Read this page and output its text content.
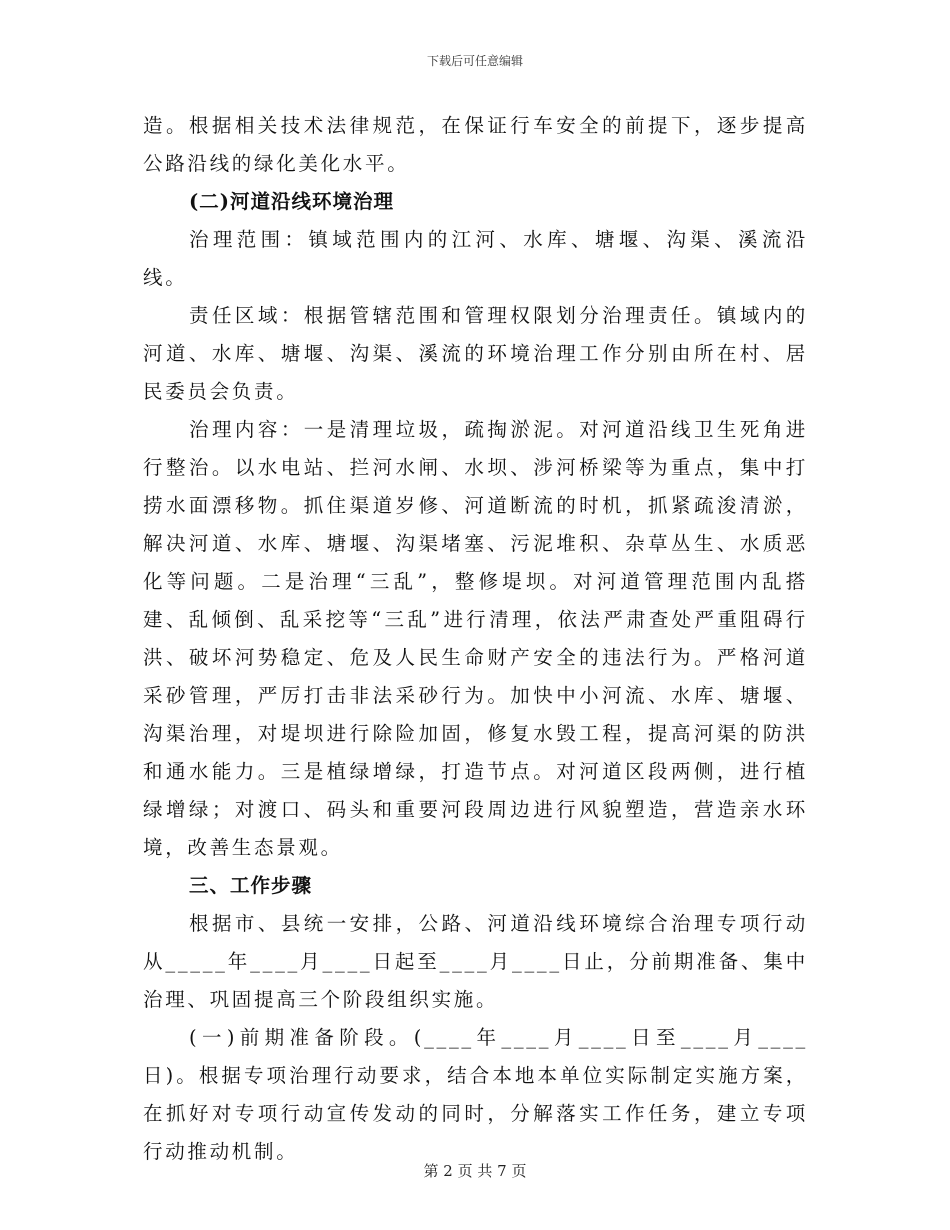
下载后可任意编辑

造。根据相关技术法律规范，在保证行车安全的前提下，逐步提高公路沿线的绿化美化水平。

(二)河道沿线环境治理

治理范围：镇域范围内的江河、水库、塘堰、沟渠、溪流沿线。

责任区域：根据管辖范围和管理权限划分治理责任。镇域内的河道、水库、塘堰、沟渠、溪流的环境治理工作分别由所在村、居民委员会负责。

治理内容：一是清理垃圾，疏掏淤泥。对河道沿线卫生死角进行整治。以水电站、拦河水闸、水坝、涉河桥梁等为重点，集中打捞水面漂移物。抓住渠道岁修、河道断流的时机，抓紧疏浚清淤，解决河道、水库、塘堰、沟渠堵塞、污泥堆积、杂草丛生、水质恶化等问题。二是治理“三乱”，整修堤坝。对河道管理范围内乱搭建、乱倾倒、乱采挖等“三乱”进行清理，依法严肃查处严重阻碍行洪、破坏河势稳定、危及人民生命财产安全的违法行为。严格河道采砂管理，严厉打击非法采砂行为。加快中小河流、水库、塘堰、沟渠治理，对堤坝进行除险加固，修复水毁工程，提高河渠的防洪和通水能力。三是植绿增绿，打造节点。对河道区段两侧，进行植绿增绿；对渡口、码头和重要河段周边进行风貌塑造，营造亲水环境，改善生态景观。

三、工作步骤

根据市、县统一安排，公路、河道沿线环境综合治理专项行动从_____年____月____日起至____月____日止，分前期准备、集中治理、巩固提高三个阶段组织实施。

(一)前期准备阶段。(____年____月____日至____月____日)。根据专项治理行动要求，结合本地本单位实际制定实施方案，在抓好对专项行动宣传发动的同时，分解落实工作任务，建立专项行动推动机制。

第 2 页 共 7 页
